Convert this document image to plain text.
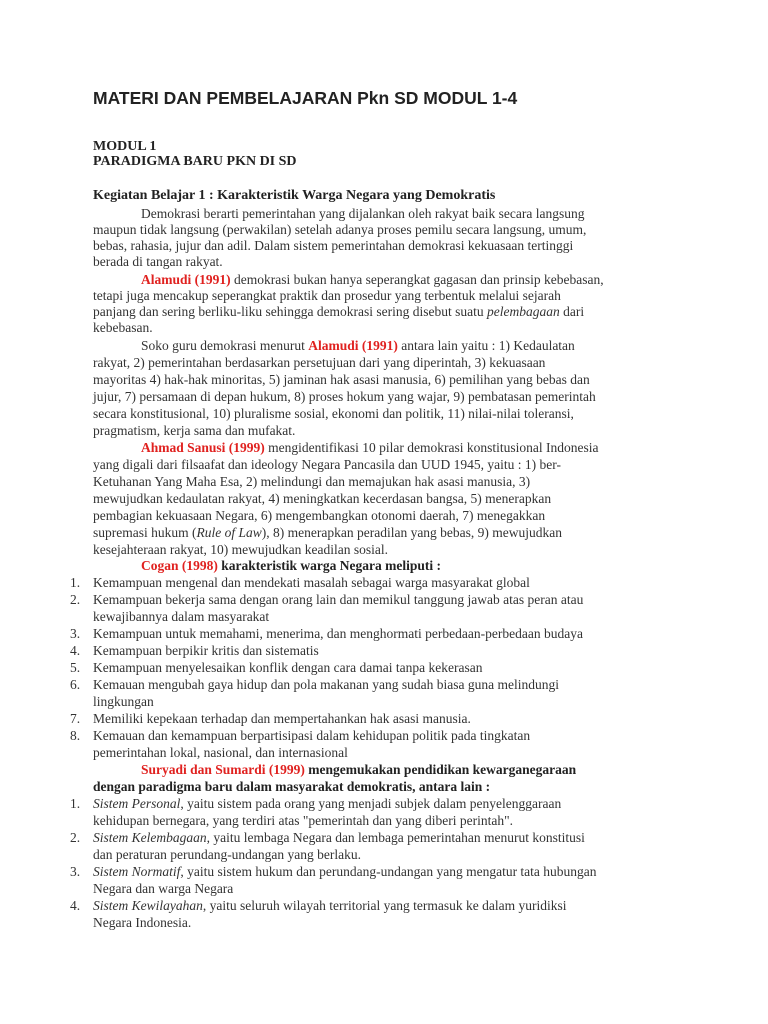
MATERI DAN PEMBELAJARAN Pkn SD MODUL 1-4
MODUL 1
PARADIGMA BARU PKN DI SD
Kegiatan Belajar 1 : Karakteristik Warga Negara yang Demokratis
Demokrasi berarti pemerintahan yang dijalankan oleh rakyat baik secara langsung
maupun tidak langsung (perwakilan) setelah adanya proses pemilu secara langsung, umum,
bebas, rahasia, jujur dan adil. Dalam sistem pemerintahan demokrasi kekuasaan tertinggi
berada di tangan rakyat.
Alamudi (1991) demokrasi bukan hanya seperangkat gagasan dan prinsip kebebasan,
tetapi juga mencakup seperangkat praktik dan prosedur yang terbentuk melalui sejarah
panjang dan sering berliku-liku sehingga demokrasi sering disebut suatu pelembagaan dari
kebebasan.
Soko guru demokrasi menurut Alamudi (1991) antara lain yaitu : 1) Kedaulatan
rakyat, 2) pemerintahan berdasarkan persetujuan dari yang diperintah, 3) kekuasaan
mayoritas 4) hak-hak minoritas, 5) jaminan hak asasi manusia, 6) pemilihan yang bebas dan
jujur, 7) persamaan di depan hukum, 8) proses hokum yang wajar, 9) pembatasan pemerintah
secara konstitusional, 10) pluralisme sosial, ekonomi dan politik, 11) nilai-nilai toleransi,
pragmatism, kerja sama dan mufakat.
Ahmad Sanusi (1999) mengidentifikasi 10 pilar demokrasi konstitusional Indonesia
yang digali dari filsaafat dan ideology Negara Pancasila dan UUD 1945, yaitu : 1) ber-
Ketuhanan Yang Maha Esa, 2) melindungi dan memajukan hak asasi manusia, 3)
mewujudkan kedaulatan rakyat, 4) meningkatkan kecerdasan bangsa, 5) menerapkan
pembagian kekuasaan Negara, 6) mengembangkan otonomi daerah, 7) menegakkan
supremasi hukum (Rule of Law), 8) menerapkan peradilan yang bebas, 9) mewujudkan
kesejahteraan rakyat, 10) mewujudkan keadilan sosial.
Cogan (1998) karakteristik warga Negara meliputi :
1. Kemampuan mengenal dan mendekati masalah sebagai warga masyarakat global
2. Kemampuan bekerja sama dengan orang lain dan memikul tanggung jawab atas peran atau
kewajibannya dalam masyarakat
3. Kemampuan untuk memahami, menerima, dan menghormati perbedaan-perbedaan budaya
4. Kemampuan berpikir kritis dan sistematis
5. Kemampuan menyelesaikan konflik dengan cara damai tanpa kekerasan
6. Kemauan mengubah gaya hidup dan pola makanan yang sudah biasa guna melindungi
lingkungan
7. Memiliki kepekaan terhadap dan mempertahankan hak asasi manusia.
8. Kemauan dan kemampuan berpartisipasi dalam kehidupan politik pada tingkatan
pemerintahan lokal, nasional, dan internasional
Suryadi dan Sumardi (1999) mengemukakan pendidikan kewarganegaraan
dengan paradigma baru dalam masyarakat demokratis, antara lain :
1. Sistem Personal, yaitu sistem pada orang yang menjadi subjek dalam penyelenggaraan
kehidupan bernegara, yang terdiri atas "pemerintah dan yang diberi perintah".
2. Sistem Kelembagaan, yaitu lembaga Negara dan lembaga pemerintahan menurut konstitusi
dan peraturan perundang-undangan yang berlaku.
3. Sistem Normatif, yaitu sistem hukum dan perundang-undangan yang mengatur tata hubungan
Negara dan warga Negara
4. Sistem Kewilayahan, yaitu seluruh wilayah territorial yang termasuk ke dalam yuridiksi
Negara Indonesia.
